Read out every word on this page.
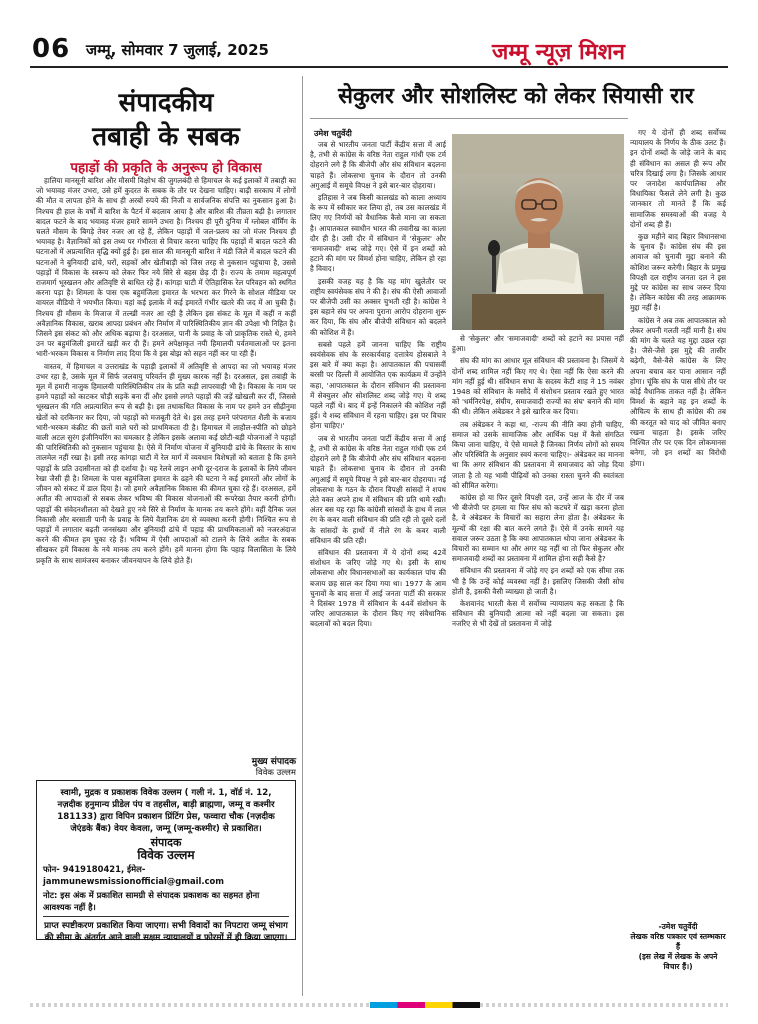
06 जम्मू, सोमवार 7 जुलाई, 2025	जम्मू न्यूज़ मिशन
संपादकीय
तबाही के सबक
पहाड़ों की प्रकृति के अनुरूप हो विकास

हालिया मानसूनी बारिश और मौसमी विक्षोभ की जुगलबंदी से हिमाचल के कई इलाकों में तबाही का जो भयावह मंजर उभरा, उसे हमें कुदरत के सबक के तौर पर देखना चाहिए। बाढ़ी सरकाघ में लोगों की मौत व लापता होने के साथ ही अरबों रुपये की निजी व सार्वजनिक संपत्ति का नुकसान हुआ है। निश्चय ही हाल के वर्षों में बारिश के पैटर्न में बदलाव आया है और बारिश की तीव्रता बढ़ी है। लगातार बादल फटने के बाद भयावह मंजर हमारे सामने उभरा है। निश्चय ही पूरी दुनिया में ग्लोबल वॉर्मिंग के चलते मौसम के बिगड़े तेवर नजर आ रहे हैं, लेकिन पहाड़ों में जल-प्रलय का जो मंजर निश्चय ही भयावह है। वैज्ञानिकों को इस तथ्य पर गंभीरता से विचार करना चाहिए कि पहाड़ों में बादल फटने की घटनाओं में अप्रत्याशित वृद्धि क्यों हुई है। इस साल की मानसूनी बारिश ने मंडी जिले में बादल फटने की घटनाओं ने बुनियादी ढांचे, घरों, सड़कों और खेतीबाड़ी को जिस तरह से नुकसान पहुंचाया है, उससे पहाड़ों में विकास के स्वरूप को लेकर फिर नये सिरे से बहस छेड़ दी है। राज्य के तमाम महत्वपूर्ण राजमार्ग भूस्खलन और अतिवृष्टि से बाधित रहे हैं। कांगड़ा घाटी में ऐतिहासिक रेल परिवहन को स्थगित करना पड़ा है। शिमला के पास एक बहुमंजिला इमारत के भरभरा कर गिरने के सोशल मीडिया पर वायरल वीडियो ने भयभीत किया। यहां कई इलाके में कई इमारतें गंभीर खतरे की जद में आ चुकी हैं। निश्चय ही मौसम के मिजाज में तल्खी नजर आ रही है लेकिन इस संकट के मूल में कहीं न कहीं अवैज्ञानिक विकास, खराब आपदा प्रबंधन और निर्माण में पारिस्थितिकीय ज्ञान की उपेक्षा भी निहित है। जिसने इस संकट को और अधिक बढ़ाया है। दरअसल, पानी के प्रवाह के जो प्राकृतिक रास्ते थे, हमने उन पर बहुमंजिली इमारतें खड़ी कर दी हैं। हमने अपेक्षाकृत नयी हिमालयी पर्वतमालाओं पर इतना भारी-भरकम विकास व निर्माण लाद दिया कि वे इस बोझ को सहन नहीं कर पा रही हैं।

वास्तव, में हिमाचल व उत्तराखंड के पहाड़ी इलाकों में अतिवृष्टि से आपदा का जो भयावह मंजर उभर रहा है, उसके मूल में सिर्फ जलवायु परिवर्तन ही मुख्य कारक नहीं है। दरअसल, इस तबाही के मूल में हमारी नाजुक हिमालयी पारिस्थितिकीय तंत्र के प्रति कड़ी लापरवाही भी है। विकास के नाम पर हमने पहाड़ों को काटकर चौड़ी सड़कें बना दीं और इससे लगते पहाड़ों की जड़ें खोखली कर दीं, जिससे भूस्खलन की गति अप्रत्याशित रूप से बढ़ी है। इस तथाकथित विकास के नाम पर हमने उन सीढ़ीनुमा खेतों को दरकिनार कर दिया, जो पहाड़ों को मजबूती देते थे। इस तरह हमने परंपरागत शैली के बजाय भारी-भरकम कंक्रीट की छतों वाले घरों को प्राथमिकता दी है। हिमाचल में लाहौल-स्पीति को छोड़ने वाली अटल सुरंग इंजीनियरिंग का चमत्कार है लेकिन इसके अलावा कई छोटी-बड़ी योजनाओं ने पहाड़ों की पारिस्थितिकी को नुकसान पहुंचाया है। ऐसे में निर्माण योजना में बुनियादी ढांचे के विस्तार के साथ तालमेल नहीं रखा है। इसी तरह कांगड़ा घाटी में रेल मार्ग में व्यवधान विशेषज्ञों को बताता है कि हमने पहाड़ों के प्रति उदासीनता को ही दर्शाया है। यह रेलवे लाइन अभी दूर-दराज के इलाकों के लिये जीवन रेखा जैसी ही है। शिमला के पास बहुमंजिला इमारत के ढहने की घटना ने कई इमारतों और लोगों के जीवन को संकट में डाल दिया है। जो हमारे अवैज्ञानिक विकास की कीमत चुका रहे हैं। दरअसल, हमें अतीत की आपदाओं से सबक लेकर भविष्य की विकास योजनाओं की रूपरेखा तैयार करनी होगी। पहाड़ों की संवेदनशीलता को देखते हुए नये सिरे से निर्माण के मानक तय करने होंगे। वहीं दैनिक जल निकासी और बरसाती पानी के प्रवाह के लिये वैज्ञानिक ढंग से व्यवस्था करनी होगी। निश्चित रूप से पहाड़ों में लगातार बढ़ती जनसंख्या और बुनियादी ढांचे में पहाड़ की प्राथमिकताओं को नजरअंदाज करने की कीमत हम चुका रहे हैं। भविष्य में ऐसी आपदाओं को टालने के लिये अतीत के सबक सीखकर हमें विकास के नये मानक तय करने होंगे। हमें मानना होगा कि पहाड़ विलासिता के लिये प्रकृति के साथ सामंजस्य बनाकर जीवनयापन के लिये होते हैं।

मुख्य संपादक
विवेक उल्लम
स्वामी, मुद्रक व प्रकाशक विवेक उल्लम ( गली नं. 1, वॉर्ड नं. 12,
नज़दीक हनुमान्य प्रीडेल पंप व तहसील, बाड़ी ब्राह्मणा, जम्मू व कश्मीर
181133) द्वारा विपिन प्रकाशन प्रिंटिंग प्रेस, फव्वारा चौक (नज़दीक
जेएंडके बैंक) वेयर केवला, जम्मू (जम्मू-कश्मीर) से प्रकाशित।
संपादक
विवेक उल्लम
फोन- 9419180421, ईमेल- jammunewsmissionofficial@gmail.com
नोट: इस अंक में प्रकाशित सामग्री से संपादक प्रकाशक का सहमत होना आवश्यक नहीं है।
प्राप्त स्पष्टीकरण प्रकाशित किया जाएगा। सभी विवादों का निपटारा जम्मू संभाग की सीमा के अंतर्गत आने वाली सक्षम न्यायालयों व फोरमों में ही किया जाएगा।
सेकुलर और सोशलिस्ट को लेकर सियासी रार
उमेश चतुर्वेदी

जब से भारतीय जनता पार्टी केंद्रीय सत्ता में आई है, तभी से कांग्रेस के वरिष्ठ नेता राहुल गांधी एक टर्म दोहराने लगे हैं कि बीजेपी और संघ संविधान बदलना चाहते हैं। लोकसभा चुनाव के दौरान तो उनकी अगुआई में समूचे विपक्ष ने इसे बार-बार दोहराया।

इतिहास ने जब किसी कालखंड को काला अध्याय के रूप में स्वीकार कर लिया हो, तब उस कालखंड में लिए गए निर्णयों को वैधानिक कैसे माना जा सकता है। आपातकाल स्वाधीन भारत की तवारीख का काला दौर ही है। उसी दौर में संविधान में 'सेकुलर' और 'समाजवादी' शब्द जोड़े गए। ऐसे में इन शब्दों को हटाने की मांग पर विमर्श होना चाहिए, लेकिन हो रहा है विवाद।

इसकी वजह यह है कि यह मांग खुलेतौर पर राष्ट्रीय स्वयंसेवक संघ ने की है। संघ की ऐसी आवाजों पर बीजेपी उसी का अक्सर चुभती रही है। कांग्रेस ने इस बहाने संघ पर अपना पुराना आरोप दोहराना शुरू कर दिया, कि संघ और बीजेपी संविधान को बदलने की कोशिश में हैं।

सबसे पहले हमें जानना चाहिए कि राष्ट्रीय स्वयंसेवक संघ के सरकार्यवाह दत्तात्रेय होसबाले ने इस बारे में क्या कहा है। आपातकाल की पचासवीं बरसी पर दिल्ली में आयोजित एक कार्यक्रम में उन्होंने कहा, 'आपातकाल के दौरान संविधान की प्रस्तावना में सेक्युलर और सोशलिस्ट शब्द जोड़े गए। ये शब्द पहले नहीं थे। बाद में इन्हें निकालने की कोशिश नहीं हुई। ये शब्द संविधान में रहना चाहिए। इस पर विचार होना चाहिए।'

जब से भारतीय जनता पार्टी केंद्रीय सत्ता में आई है, तभी से कांग्रेस के वरिष्ठ नेता राहुल गांधी एक टर्म दोहराने लगे हैं कि बीजेपी और संघ संविधान बदलना चाहते हैं। लोकसभा चुनाव के दौरान तो उनकी अगुआई में समूचे विपक्ष ने इसे बार-बार दोहराया। नई लोकसभा के गठन के दौरान विपक्षी सांसदों ने शपथ लेते वक्त अपने हाथ में संविधान की प्रति थामे रखी। अंतर बस यह रहा कि कांग्रेसी सांसदों के हाथ में लाल रंग के कवर वाली संविधान की प्रति रही तो दूसरे दलों के सांसदों के हाथों में नीले रंग के कवर वाली संविधान की प्रति रही।

संविधान की प्रस्तावना में ये दोनों शब्द 42वें संशोधन के जरिए जोड़े गए थे। इसी के साथ लोकसभा और विधानसभाओं का कार्यकाल पांच की बजाय छह साल कर दिया गया था। 1977 के आम चुनावों के बाद सत्ता में आई जनता पार्टी की सरकार ने दिसंबर 1978 में संविधान के 44वें संशोधन के जरिए आपातकाल के दौरान किए गए संवैधानिक बदलावों को बदल दिया।

से 'सेकुलर' और 'समाजवादी' शब्दों को हटाने का प्रयास नहीं हुआ।

संघ की मांग का आधार मूल संविधान की प्रस्तावना है। जिसमें ये दोनों शब्द शामिल नहीं किए गए थे। ऐसा नहीं कि ऐसा करने की मांग नहीं हुई थी। संविधान सभा के सदस्य केटी शाह ने 15 नवंबर 1948 को संविधान के मसौदे में संशोधन प्रस्ताव रखते हुए भारत को 'धर्मनिरपेक्ष, संघीय, समाजवादी राज्यों का संघ' बनाने की मांग की थी। लेकिन अंबेडकर ने इसे खारिज कर दिया।

तब अंबेडकर ने कहा था, -राज्य की नीति क्या होनी चाहिए, समाज को उसके सामाजिक और आर्थिक पक्ष में कैसे संगठित किया जाना चाहिए, ये ऐसे मामले हैं जिनका निर्णय लोगों को समय और परिस्थिति के अनुसार स्वयं करना चाहिए।- अंबेडकर का मानना था कि अगर संविधान की प्रस्तावना में समाजवाद को जोड़ दिया जाता है तो यह भावी पीढ़ियों को उनका रास्ता चुनने की स्वतंत्रता को सीमित करेगा।

कांग्रेस हो या फिर दूसरे विपक्षी दल, उन्हें आज के दौर में जब भी बीजेपी पर हमला या फिर संघ को कटघरे में खड़ा करना होता है, वे अंबेडकर के विचारों का सहारा लेना होता है। अंबेडकर के मूल्यों की रक्षा की बात करने लगते हैं। ऐसे में उनके सामने यह सवाल जरूर उठता है कि क्या आपातकाल थोपा जाना अंबेडकर के विचारों का सम्मान था और अगर यह नहीं था तो फिर सेकुलर और समाजवादी शब्दों का प्रस्तावना में शामिल होना सही कैसे है?

संविधान की प्रस्तावना में जोड़े गए इन शब्दों को एक सीमा तक भी है कि उन्हें कोई व्यवस्था नहीं है। इसलिए जिसकी जैसी सोच होती है, इसकी वैसी व्याख्या हो जाती है।

केशवानंद भारती केस में सर्वोच्च न्यायालय कह सकता है कि संविधान की बुनियादी आत्मा को नहीं बदला जा सकता। इस नजरिए से भी देखें तो प्रस्तावना में जोड़े

गए ये दोनों ही शब्द सर्वोच्च न्यायालय के निर्णय के ठीक उलट हैं। इन दोनों शब्दों के जोड़े जाने के बाद ही संविधान का असल ही रूप और चरित्र दिखाई लगा है। जिसके आधार पर जनादेश कार्यपालिका और विधायिका फैसले लेने लगी है। कुछ जानकार तो मानते हैं कि कई सामाजिक समस्याओं की वजह ये दोनों शब्द ही हैं।

कुछ महीने बाद बिहार विधानसभा के चुनाव हैं। कांग्रेस संघ की इस आवाज को चुनावी मुद्दा बनाने की कोशिश जरूर करेगी। बिहार के प्रमुख विपक्षी दल राष्ट्रीय जनता दल ने इस मुद्दे पर कांग्रेस का साथ जरूर दिया है। लेकिन कांग्रेस की तरह आक्रामक मुद्दा नहीं है।

कांग्रेस ने अब तक आपातकाल को लेकर अपनी गलती नहीं मानी है। संघ की मांग के चलते यह मुद्दा उछल रहा है। जैसे-जैसे इस मुद्दे की तासीर बढ़ेगी, वैसे-वैसे कांग्रेस के लिए अपना बचाव कर पाना आसान नहीं होगा। चूंकि संघ के पास सीधे तौर पर कोई वैधानिक ताकत नहीं है। लेकिन विमर्श के बहाने वह इन शब्दों के औचित्य के साथ ही कांग्रेस की तब की करतूत को याद को जीवित बनाए रखना चाहता है। इसके जरिए निश्चित तौर पर एक दिन लोकमानस बनेगा, जो इन शब्दों का विरोधी होगा।

-उमेश चतुर्वेदी
लेखक वरिष्ठ पत्रकार एवं स्तम्भकार हैं
(इस लेख में लेखक के अपने विचार हैं।)
